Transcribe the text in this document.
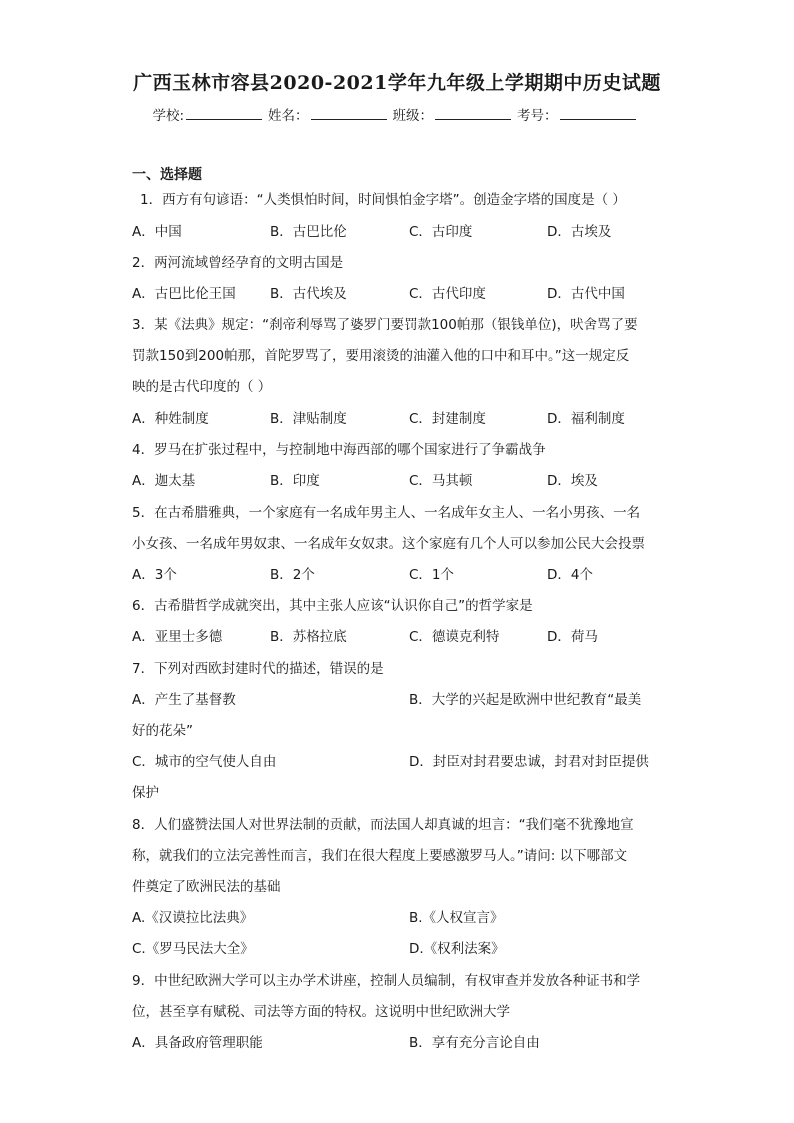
广西玉林市容县2020-2021学年九年级上学期期中历史试题
学校:	姓名：	班级：	考号：
一、选择题
1．西方有句谚语：“人类惧怕时间，时间惧怕金字塔”。创造金字塔的国度是（ ）
A．中国	B．古巴比伦	C．古印度	D．古埃及
2．两河流域曾经孕育的文明古国是
A．古巴比伦王国	B．古代埃及	C．古代印度	D．古代中国
3．某《法典》规定：“刹帝利辱骂了婆罗门要罚款100帕那（银钱单位)，吠舍骂了要
罚款150到200帕那，首陀罗骂了，要用滚烫的油灌入他的口中和耳中。”这一规定反
映的是古代印度的（ ）
A．种姓制度	B．津贴制度	C．封建制度	D．福利制度
4．罗马在扩张过程中，与控制地中海西部的哪个国家进行了争霸战争
A．迦太基	B．印度	C．马其顿	D．埃及
5．在古希腊雅典，一个家庭有一名成年男主人、一名成年女主人、一名小男孩、一名
小女孩、一名成年男奴隶、一名成年女奴隶。这个家庭有几个人可以参加公民大会投票
A．3个	B．2个	C．1个	D．4个
6．古希腊哲学成就突出，其中主张人应该“认识你自己”的哲学家是
A．亚里士多德	B．苏格拉底	C．德谟克利特	D．荷马
7．下列对西欧封建时代的描述，错误的是
A．产生了基督教	B．大学的兴起是欧洲中世纪教育“最美
好的花朵”
C．城市的空气使人自由	D．封臣对封君要忠诚，封君对封臣提供
保护
8．人们盛赞法国人对世界法制的贡献，而法国人却真诚的坦言：“我们毫不犹豫地宣
称，就我们的立法完善性而言，我们在很大程度上要感激罗马人。”请问: 以下哪部文
件奠定了欧洲民法的基础
A.《汉谟拉比法典》	B.《人权宣言》
C.《罗马民法大全》	D.《权利法案》
9．中世纪欧洲大学可以主办学术讲座，控制人员编制，有权审查并发放各种证书和学
位，甚至享有赋税、司法等方面的特权。这说明中世纪欧洲大学
A．具备政府管理职能	B．享有充分言论自由
